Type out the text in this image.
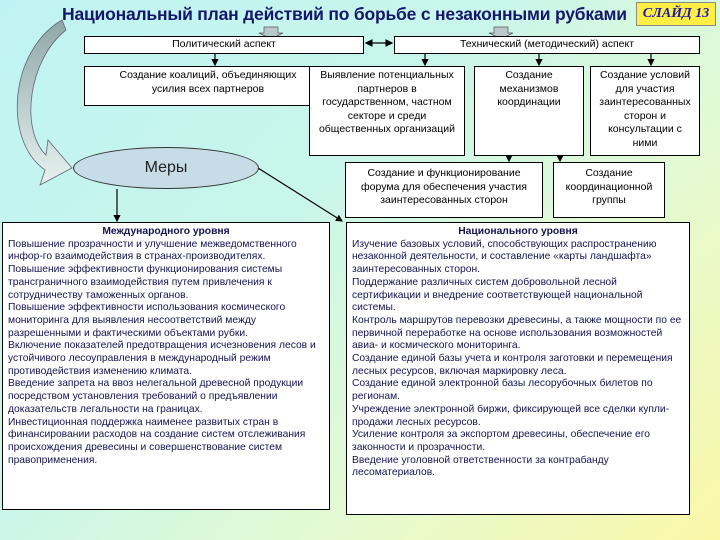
Национальный план действий по борьбе с незаконными рубками	СЛАЙД 13
Политический аспект	Технический (методический) аспект
Создание коалиций, объединяющих усилия всех партнеров
Выявление потенциальных партнеров в государственном, частном секторе и среди общественных организаций
Создание механизмов координации
Создание условий для участия заинтересованных сторон и консультации с ними
Меры	Создание и функционирование форума для обеспечения участия заинтересованных сторон
Создание координационной группы
Международного уровня

Повышение прозрачности и улучшение межведомственного инфор-го взаимодействия в странах-производителях.

Повышение эффективности функционирования системы трансграничного взаимодействия путем привлечения к сотрудничеству таможенных органов.

Повышение эффективности использования космического мониторинга для выявления несоответствий между разрешенными и фактическими объектами рубки.

Включение показателей предотвращения исчезновения лесов и устойчивого лесоуправления в международный режим противодействия изменению климата.

Введение запрета на ввоз нелегальной древесной продукции посредством установления требований о предъявлении доказательств легальности на границах.

Инвестиционная поддержка наименее развитых стран в финансировании расходов на создание систем отслеживания происхождения древесины и совершенствование систем правоприменения.

Национального уровня

Изучение базовых условий, способствующих распространению незаконной деятельности, и составление «карты ландшафта» заинтересованных сторон.

Поддержание различных систем добровольной лесной сертификации и внедрение соответствующей национальной системы.

Контроль маршрутов перевозки древесины, а также мощности по ее первичной переработке на основе использования возможностей авиа- и космического мониторинга.

Создание единой базы учета и контроля заготовки и перемещения лесных ресурсов, включая маркировку леса.

Создание единой электронной базы лесорубочных билетов по регионам.

Учреждение электронной биржи, фиксирующей все сделки купли-продажи лесных ресурсов.

Усиление контроля за экспортом древесины, обеспечение его законности и прозрачности.

Введение уголовной ответственности за контрабанду лесоматериалов.
